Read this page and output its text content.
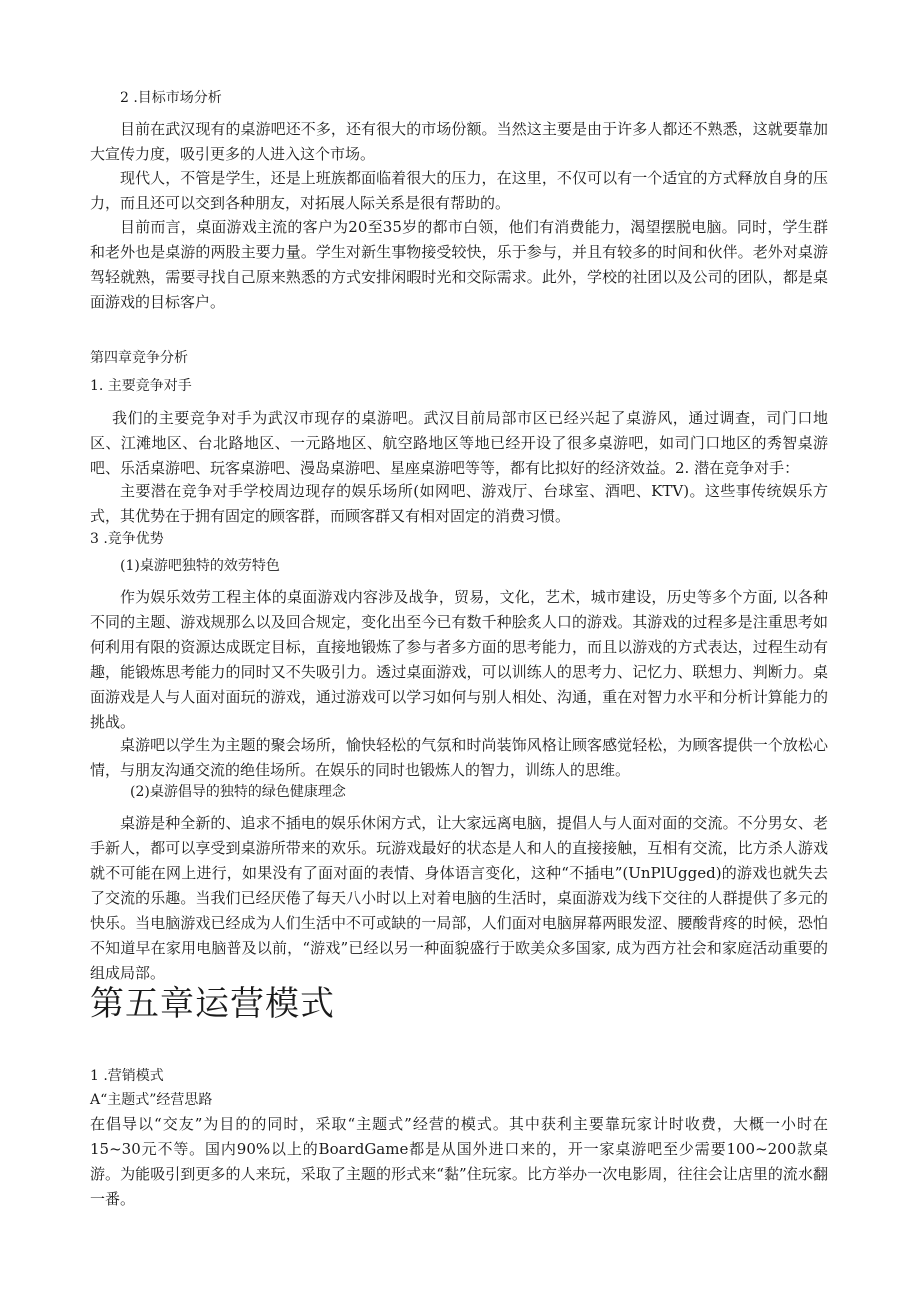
2 .目标市场分析

目前在武汉现有的桌游吧还不多，还有很大的市场份额。当然这主要是由于许多人都还不熟悉，这就要靠加大宣传力度，吸引更多的人进入这个市场。

现代人，不管是学生，还是上班族都面临着很大的压力，在这里，不仅可以有一个适宜的方式释放自身的压力，而且还可以交到各种朋友，对拓展人际关系是很有帮助的。

目前而言，桌面游戏主流的客户为20至35岁的都市白领，他们有消费能力，渴望摆脱电脑。同时，学生群和老外也是桌游的两股主要力量。学生对新生事物接受较快，乐于参与，并且有较多的时间和伙伴。老外对桌游驾轻就熟，需要寻找自己原来熟悉的方式安排闲暇时光和交际需求。此外，学校的社团以及公司的团队，都是桌面游戏的目标客户。

第四章竞争分析

1. 主要竞争对手

我们的主要竞争对手为武汉市现存的桌游吧。武汉目前局部市区已经兴起了桌游风，通过调查，司门口地区、江滩地区、台北路地区、一元路地区、航空路地区等地已经开设了很多桌游吧，如司门口地区的秀智桌游吧、乐活桌游吧、玩客桌游吧、漫岛桌游吧、星座桌游吧等等，都有比拟好的经济效益。2. 潜在竞争对手：

主要潜在竞争对手学校周边现存的娱乐场所(如网吧、游戏厅、台球室、酒吧、KTV)。这些事传统娱乐方式，其优势在于拥有固定的顾客群，而顾客群又有相对固定的消费习惯。

3 .竞争优势

(1)桌游吧独特的效劳特色

作为娱乐效劳工程主体的桌面游戏内容涉及战争，贸易，文化，艺术，城市建设，历史等多个方面, 以各种不同的主题、游戏规那么以及回合规定，变化出至今已有数千种脍炙人口的游戏。其游戏的过程多是注重思考如何利用有限的资源达成既定目标，直接地锻炼了参与者多方面的思考能力，而且以游戏的方式表达，过程生动有趣，能锻炼思考能力的同时又不失吸引力。透过桌面游戏，可以训练人的思考力、记忆力、联想力、判断力。桌面游戏是人与人面对面玩的游戏，通过游戏可以学习如何与别人相处、沟通，重在对智力水平和分析计算能力的挑战。

桌游吧以学生为主题的聚会场所，愉快轻松的气氛和时尚装饰风格让顾客感觉轻松，为顾客提供一个放松心情，与朋友沟通交流的绝佳场所。在娱乐的同时也锻炼人的智力，训练人的思维。

(2)桌游倡导的独特的绿色健康理念

桌游是种全新的、追求不插电的娱乐休闲方式，让大家远离电脑，提倡人与人面对面的交流。不分男女、老手新人，都可以享受到桌游所带来的欢乐。玩游戏最好的状态是人和人的直接接触，互相有交流，比方杀人游戏就不可能在网上进行，如果没有了面对面的表情、身体语言变化，这种“不插电”(UnPlUgged)的游戏也就失去了交流的乐趣。当我们已经厌倦了每天八小时以上对着电脑的生活时，桌面游戏为线下交往的人群提供了多元的快乐。当电脑游戏已经成为人们生活中不可或缺的一局部，人们面对电脑屏幕两眼发涩、腰酸背疼的时候，恐怕不知道早在家用电脑普及以前，“游戏”已经以另一种面貌盛行于欧美众多国家, 成为西方社会和家庭活动重要的组成局部。

第五章运营模式

1 .营销模式

A“主题式”经营思路

在倡导以“交友”为目的的同时，采取“主题式”经营的模式。其中获利主要靠玩家计时收费，大概一小时在15~30元不等。国内90%以上的BoardGame都是从国外进口来的，开一家桌游吧至少需要100~200款桌游。为能吸引到更多的人来玩，采取了主题的形式来“黏”住玩家。比方举办一次电影周，往往会让店里的流水翻一番。
